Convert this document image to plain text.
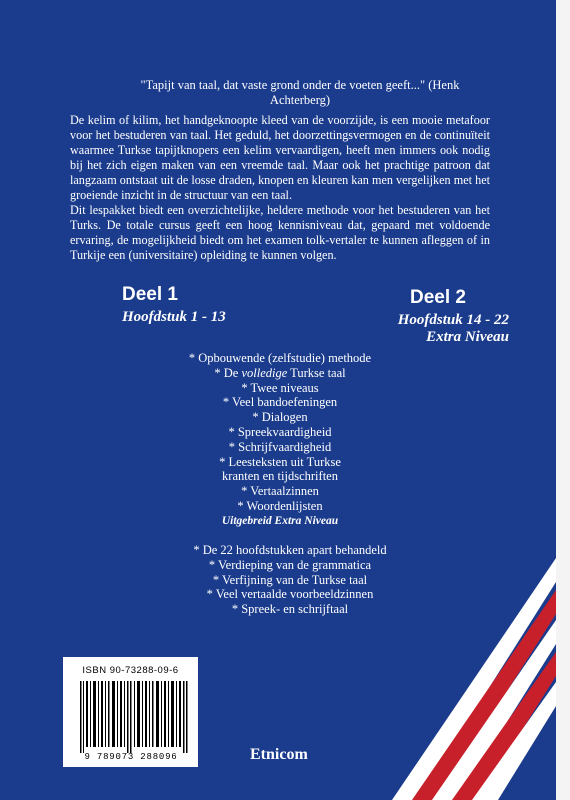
"Tapijt van taal, dat vaste grond onder de voeten geeft..." (Henk Achterberg)
De kelim of kilim, het handgeknoopte kleed van de voorzijde, is een mooie metafoor voor het bestuderen van taal. Het geduld, het doorzettingsvermogen en de continuïteit waarmee Turkse tapijtknopers een kelim vervaardigen, heeft men immers ook nodig bij het zich eigen maken van een vreemde taal. Maar ook het prachtige patroon dat langzaam ontstaat uit de losse draden, knopen en kleuren kan men vergelijken met het groeiende inzicht in de structuur van een taal.
Dit lespakket biedt een overzichtelijke, heldere methode voor het bestuderen van het Turks. De totale cursus geeft een hoog kennisniveau dat, gepaard met voldoende ervaring, de mogelijkheid biedt om het examen tolk-vertaler te kunnen afleggen of in Turkije een (universitaire) opleiding te kunnen volgen.
Deel 1
Hoofdstuk 1 - 13
Deel 2
Hoofdstuk 14 - 22
Extra Niveau
* Opbouwende (zelfstudie) methode
* De volledige Turkse taal
* Twee niveaus
* Veel bandoefeningen
* Dialogen
* Spreekvaardigheid
* Schrijfvaardigheid
* Leesteksten uit Turkse
kranten en tijdschriften
* Vertaalzinnen
* Woordenlijsten
Uitgebreid Extra Niveau
* De 22 hoofdstukken apart behandeld
* Verdieping van de grammatica
* Verfijning van de Turkse taal
* Veel vertaalde voorbeeldzinnen
* Spreek- en schrijftaal
ISBN 90-73288-09-6
9 789073 288096	Etnicom
